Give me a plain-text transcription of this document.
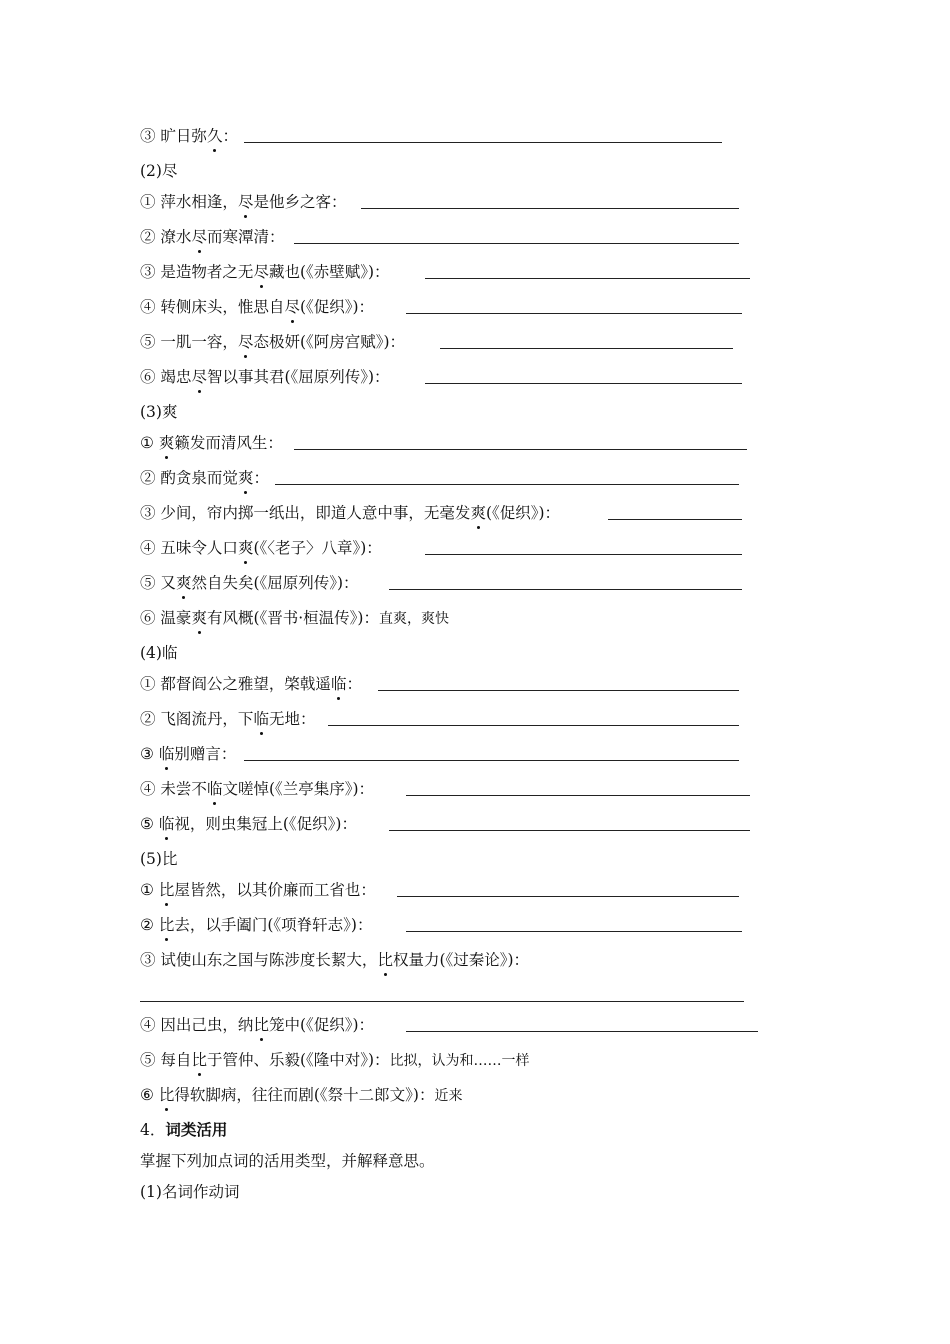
③ 旷日弥久：
(2)尽
① 萍水相逢，尽是他乡之客：
② 潦水尽而寒潭清：
③ 是造物者之无尽藏也(《赤壁赋》)：
④ 转侧床头，惟思自尽(《促织》)：
⑤ 一肌一容，尽态极妍(《阿房宫赋》)：
⑥ 竭忠尽智以事其君(《屈原列传》)：
(3)爽
① 爽籁发而清风生：
② 酌贪泉而觉爽：
③ 少间，帘内掷一纸出，即道人意中事，无毫发爽(《促织》)：
④ 五味令人口爽(《〈老子〉八章》)：
⑤ 又爽然自失矣(《屈原列传》)：
⑥ 温豪爽有风概(《晋书·桓温传》)：直爽，爽快
(4)临
① 都督阎公之雅望，棨戟遥临：
② 飞阁流丹，下临无地：
③ 临别赠言：
④ 未尝不临文嗟悼(《兰亭集序》)：
⑤ 临视，则虫集冠上(《促织》)：
(5)比
① 比屋皆然，以其价廉而工省也：
② 比去，以手阖门(《项脊轩志》)：
③ 试使山东之国与陈涉度长絜大，比权量力(《过秦论》)：
④ 因出己虫，纳比笼中(《促织》)：
⑤ 每自比于管仲、乐毅(《隆中对》)：比拟，认为和……一样
⑥ 比得软脚病，往往而剧(《祭十二郎文》)：近来
4．词类活用
掌握下列加点词的活用类型，并解释意思。
(1)名词作动词
